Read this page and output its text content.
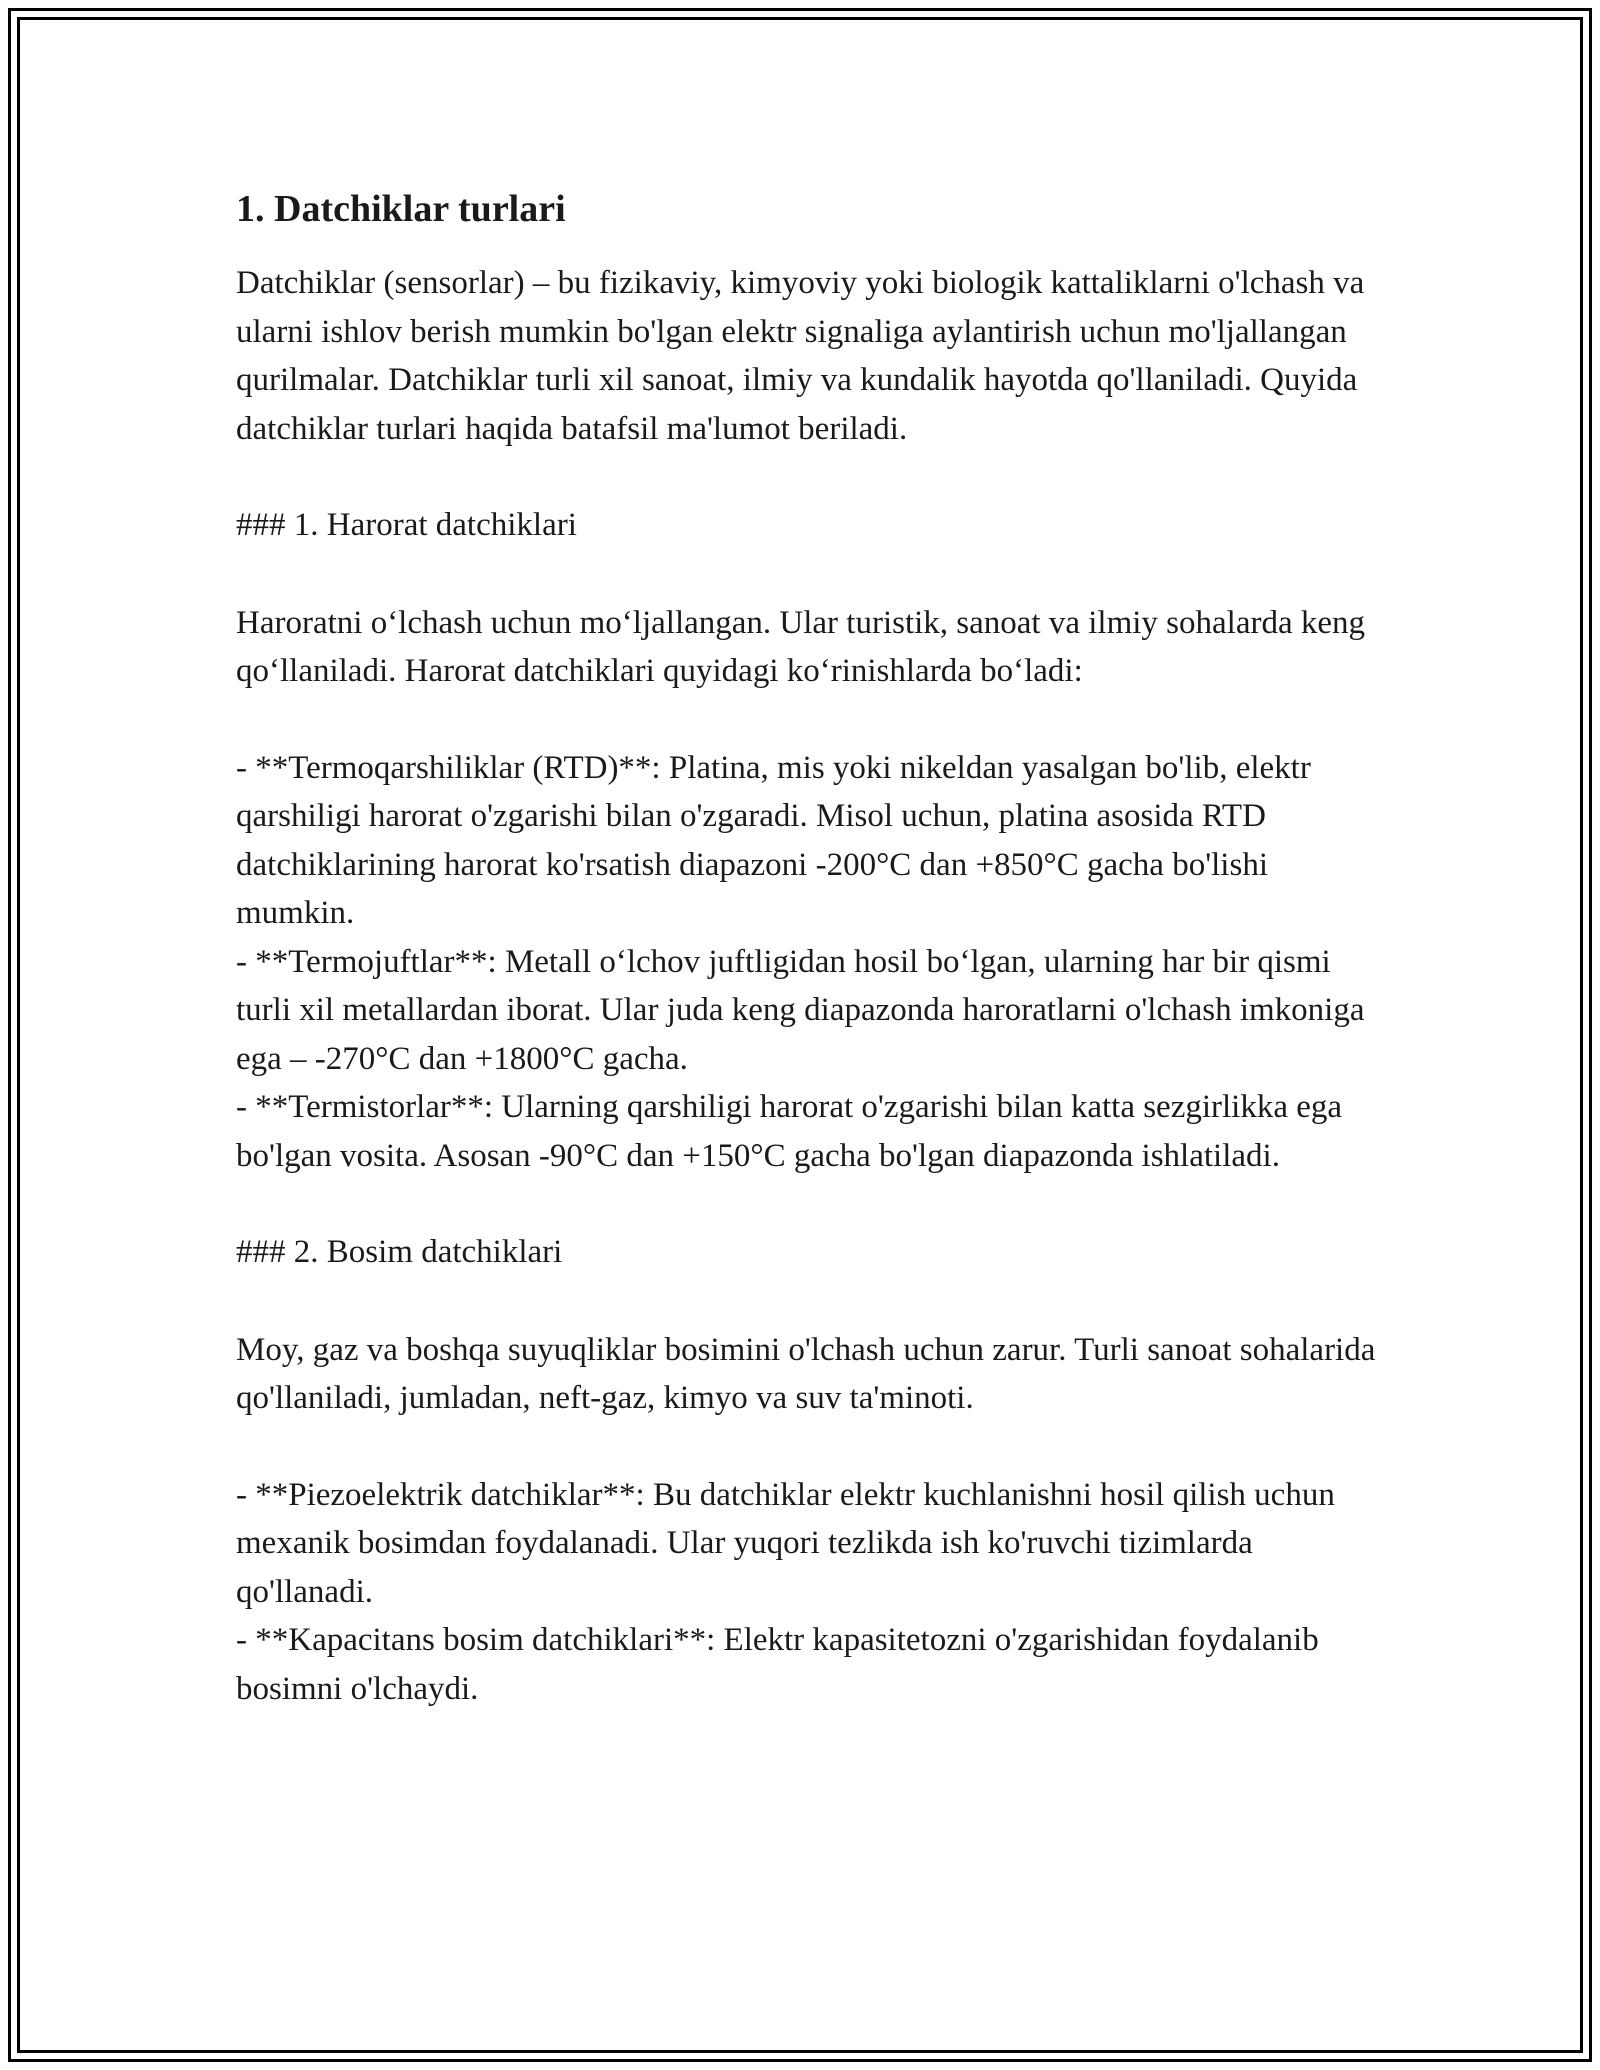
1. Datchiklar turlari
Datchiklar (sensorlar) – bu fizikaviy, kimyoviy yoki biologik kattaliklarni o'lchash va ularni ishlov berish mumkin bo'lgan elektr signaliga aylantirish uchun mo'ljallangan qurilmalar. Datchiklar turli xil sanoat, ilmiy va kundalik hayotda qo'llaniladi. Quyida datchiklar turlari haqida batafsil ma'lumot beriladi.
### 1. Harorat datchiklari
Haroratni oʻlchash uchun moʻljallangan. Ular turistik, sanoat va ilmiy sohalarda keng qoʻllaniladi. Harorat datchiklari quyidagi koʻrinishlarda boʻladi:
- **Termoqarshiliklar (RTD)**: Platina, mis yoki nikeldan yasalgan bo'lib, elektr qarshiligi harorat o'zgarishi bilan o'zgaradi. Misol uchun, platina asosida RTD datchiklarining harorat ko'rsatish diapazoni -200°C dan +850°C gacha bo'lishi mumkin.
- **Termojuftlar**: Metall oʻlchov juftligidan hosil boʻlgan, ularning har bir qismi turli xil metallardan iborat. Ular juda keng diapazonda haroratlarni o'lchash imkoniga ega – -270°C dan +1800°C gacha.
- **Termistorlar**: Ularning qarshiligi harorat o'zgarishi bilan katta sezgirlikka ega bo'lgan vosita. Asosan -90°C dan +150°C gacha bo'lgan diapazonda ishlatiladi.
### 2. Bosim datchiklari
Moy, gaz va boshqa suyuqliklar bosimini o'lchash uchun zarur. Turli sanoat sohalarida qo'llaniladi, jumladan, neft-gaz, kimyo va suv ta'minoti.
- **Piezoelektrik datchiklar**: Bu datchiklar elektr kuchlanishni hosil qilish uchun mexanik bosimdan foydalanadi. Ular yuqori tezlikda ish ko'ruvchi tizimlarda qo'llanadi.
- **Kapacitans bosim datchiklari**: Elektr kapasitetozni o'zgarishidan foydalanib bosimni o'lchaydi.
